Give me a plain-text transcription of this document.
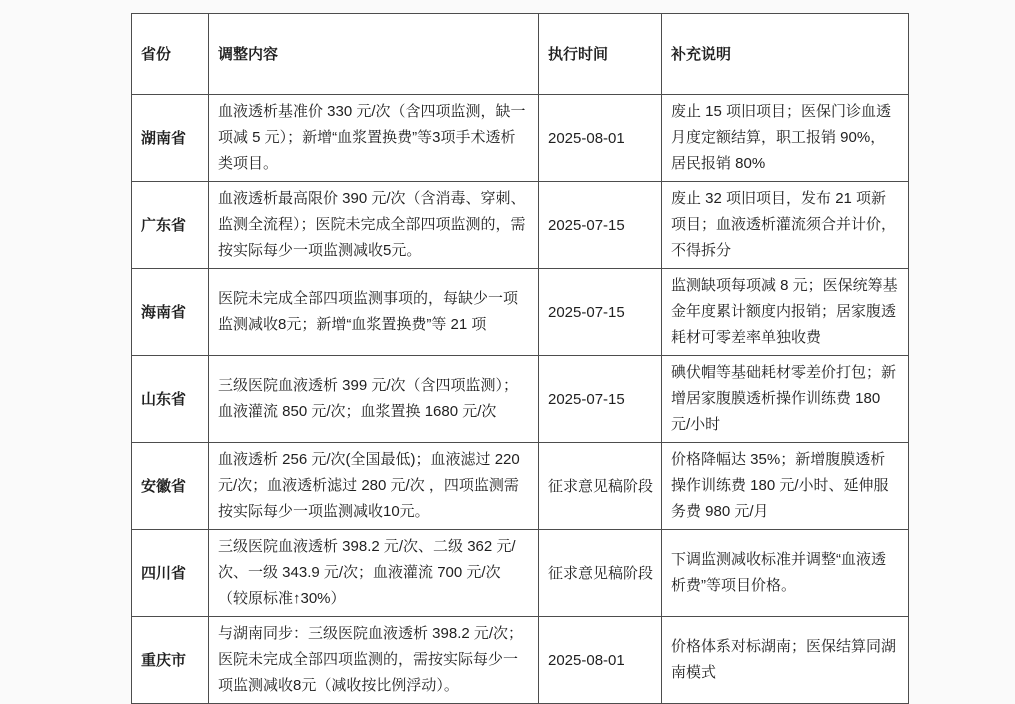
省份	调整内容	执行时间	补充说明
湖南省	血液透析基准价 330 元/次（含四项监测，缺一项减 5 元）；新增“血浆置换费”等3项手术透析类项目。	2025-08-01	废止 15 项旧项目；医保门诊血透月度定额结算，职工报销 90%，居民报销 80%
广东省	血液透析最高限价 390 元/次（含消毒、穿刺、监测全流程）；医院未完成全部四项监测的，需按实际每少一项监测减收5元。	2025-07-15	废止 32 项旧项目，发布 21 项新项目；血液透析灌流须合并计价，不得拆分
海南省	医院未完成全部四项监测事项的，每缺少一项监测减收8元；新增“血浆置换费”等 21 项	2025-07-15	监测缺项每项减 8 元；医保统筹基金年度累计额度内报销；居家腹透耗材可零差率单独收费
山东省	三级医院血液透析 399 元/次（含四项监测）；血液灌流 850 元/次；血浆置换 1680 元/次	2025-07-15	碘伏帽等基础耗材零差价打包；新增居家腹膜透析操作训练费 180 元/小时
安徽省	血液透析 256 元/次(全国最低)；血液滤过 220 元/次；血液透析滤过 280 元/次 ，四项监测需按实际每少一项监测减收10元。	征求意见稿阶段	价格降幅达 35%；新增腹膜透析操作训练费 180 元/小时、延伸服务费 980 元/月
四川省	三级医院血液透析 398.2 元/次、二级 362 元/次、一级 343.9 元/次；血液灌流 700 元/次（较原标准↑30%）	征求意见稿阶段	下调监测减收标准并调整“血液透析费”等项目价格。
重庆市	与湖南同步：三级医院血液透析 398.2 元/次；医院未完成全部四项监测的，需按实际每少一项监测减收8元（减收按比例浮动）。	2025-08-01	价格体系对标湖南；医保结算同湖南模式
